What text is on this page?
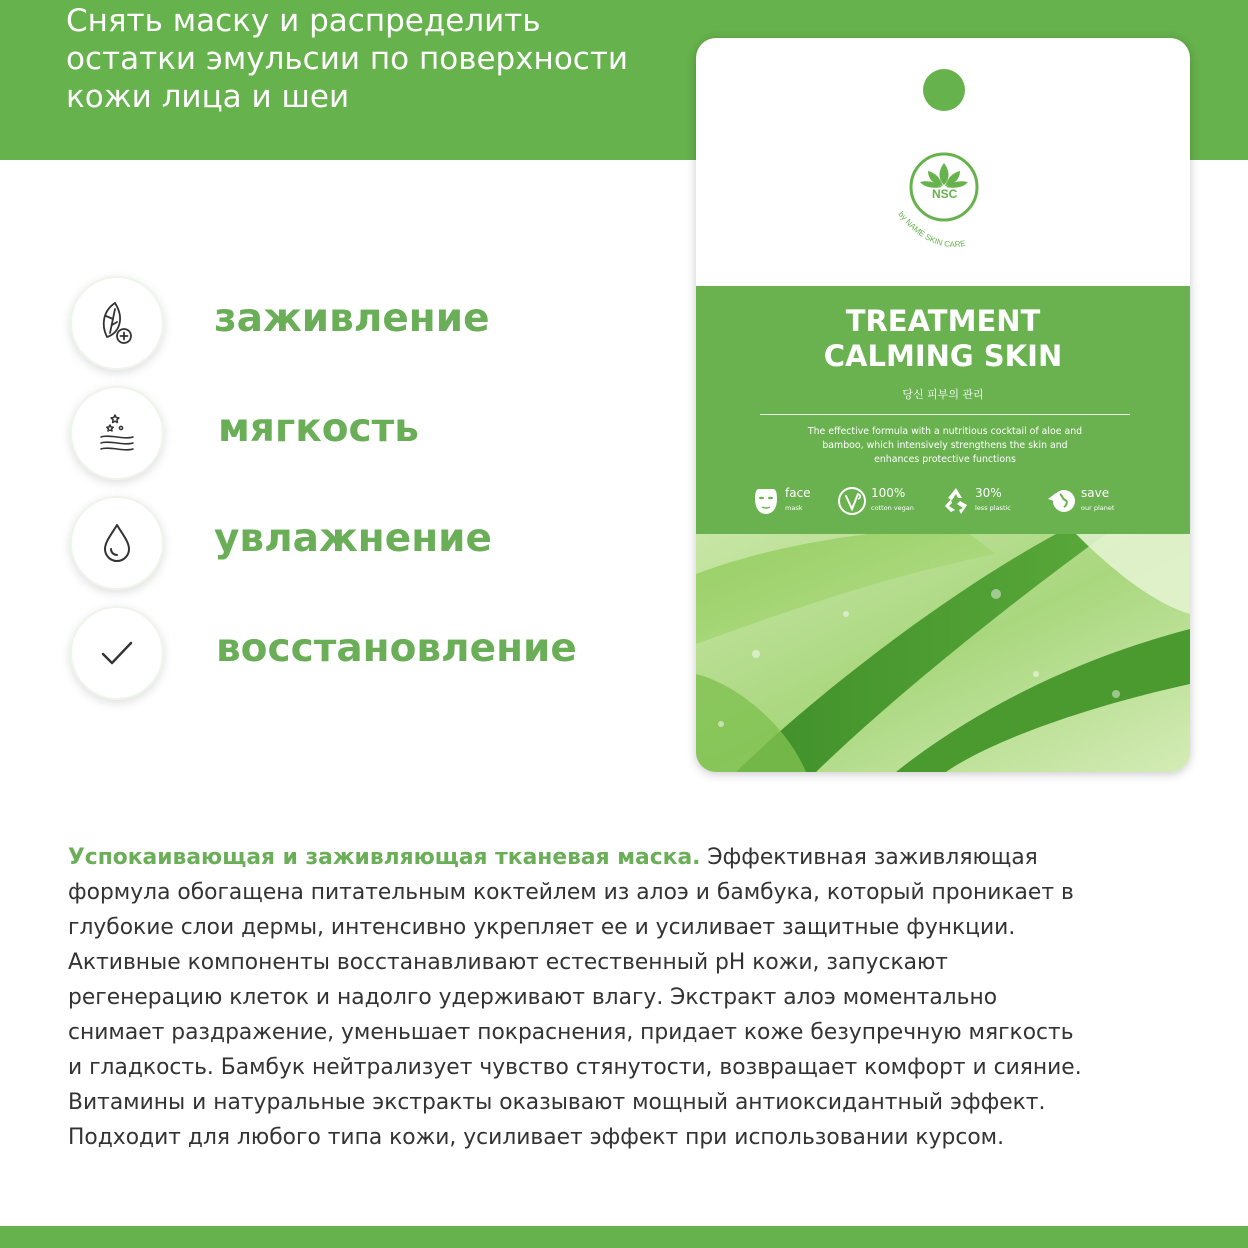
Снять маску и распределить
остатки эмульсии по поверхности
кожи лица и шеи
заживление
мягкость
увлажнение
восстановление
NSC
by NAME SKIN CARE
TREATMENT
CALMING SKIN
당신 피부의 관리
The effective formula with a nutritious cocktail of aloe and
bamboo, which intensively strengthens the skin and
enhances protective functions
face
mask
100%
cotton vegan
30%
less plastic
save
our planet
Успокаивающая и заживляющая тканевая маска. Эффективная заживляющая
формула обогащена питательным коктейлем из алоэ и бамбука, который проникает в
глубокие слои дермы, интенсивно укрепляет ее и усиливает защитные функции.
Активные компоненты восстанавливают естественный pH кожи, запускают
регенерацию клеток и надолго удерживают влагу. Экстракт алоэ моментально
снимает раздражение, уменьшает покраснения, придает коже безупречную мягкость
и гладкость. Бамбук нейтрализует чувство стянутости, возвращает комфорт и сияние.
Витамины и натуральные экстракты оказывают мощный антиоксидантный эффект.
Подходит для любого типа кожи, усиливает эффект при использовании курсом.
